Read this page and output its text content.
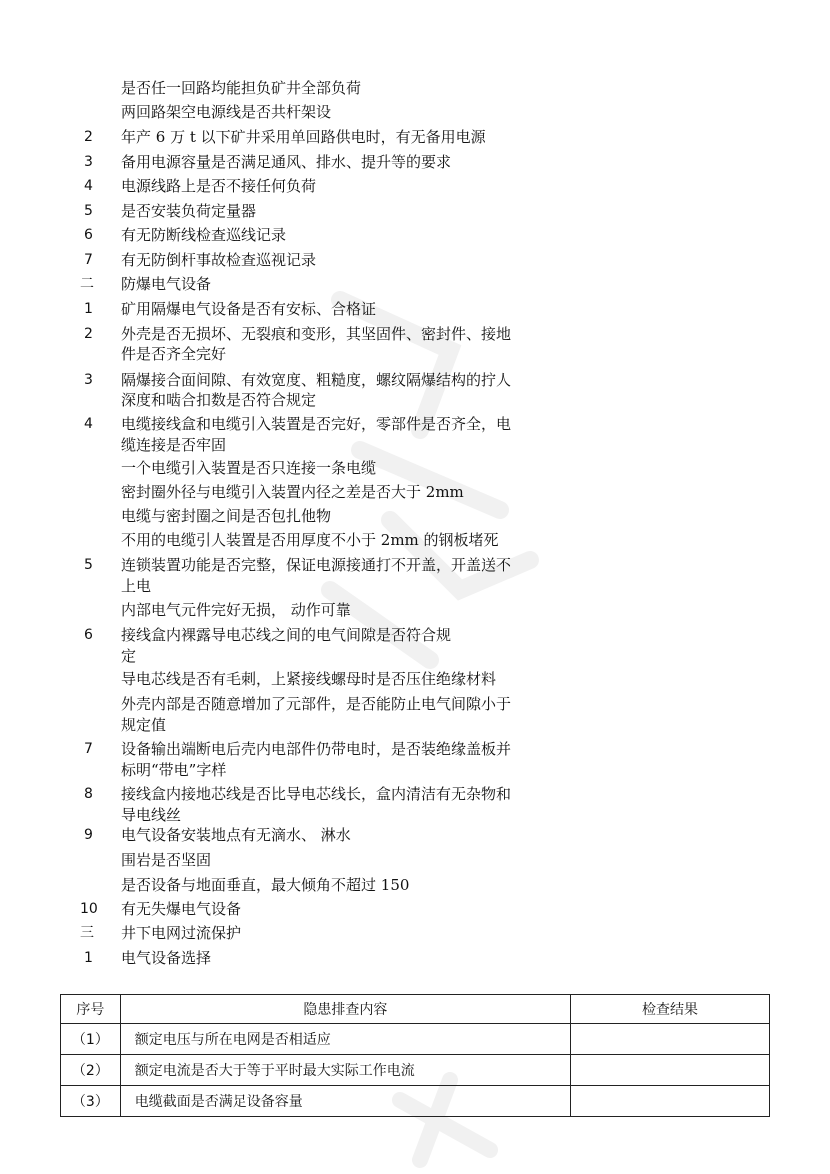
是否任一回路均能担负矿井全部负荷
两回路架空电源线是否共杆架设
2 年产 6 万 t 以下矿井采用单回路供电时，有无备用电源
3 备用电源容量是否满足通风、排水、提升等的要求
4 电源线路上是否不接任何负荷
5 是否安装负荷定量器
6 有无防断线检查巡线记录
7 有无防倒杆事故检查巡视记录
二 防爆电气设备
1 矿用隔爆电气设备是否有安标、合格证
2 外壳是否无损坏、无裂痕和变形，其坚固件、密封件、接地
件是否齐全完好
3 隔爆接合面间隙、有效宽度、粗糙度，螺纹隔爆结构的拧人
深度和啮合扣数是否符合规定
4 电缆接线盒和电缆引入装置是否完好，零部件是否齐全，电
缆连接是否牢固
一个电缆引入装置是否只连接一条电缆
密封圈外径与电缆引入装置内径之差是否大于 2mm
电缆与密封圈之间是否包扎他物
不用的电缆引人装置是否用厚度不小于 2mm 的钢板堵死
5 连锁装置功能是否完整，保证电源接通打不开盖，开盖送不
上电
内部电气元件完好无损， 动作可靠
6 接线盒内裸露导电芯线之间的电气间隙是否符合规
定
导电芯线是否有毛刺，上紧接线螺母时是否压住绝缘材料
外壳内部是否随意增加了元部件，是否能防止电气间隙小于
规定值
7 设备输出端断电后壳内电部件仍带电时，是否装绝缘盖板并
标明“带电”字样
8 接线盒内接地芯线是否比导电芯线长，盒内清洁有无杂物和
导电线丝
9 电气设备安装地点有无滴水、 淋水
围岩是否坚固
是否设备与地面垂直，最大倾角不超过 150
10 有无失爆电气设备
三 井下电网过流保护
1 电气设备选择
序号	隐患排查内容	检查结果
（1）	额定电压与所在电网是否相适应	
（2）	额定电流是否大于等于平时最大实际工作电流	
（3）	电缆截面是否满足设备容量	
